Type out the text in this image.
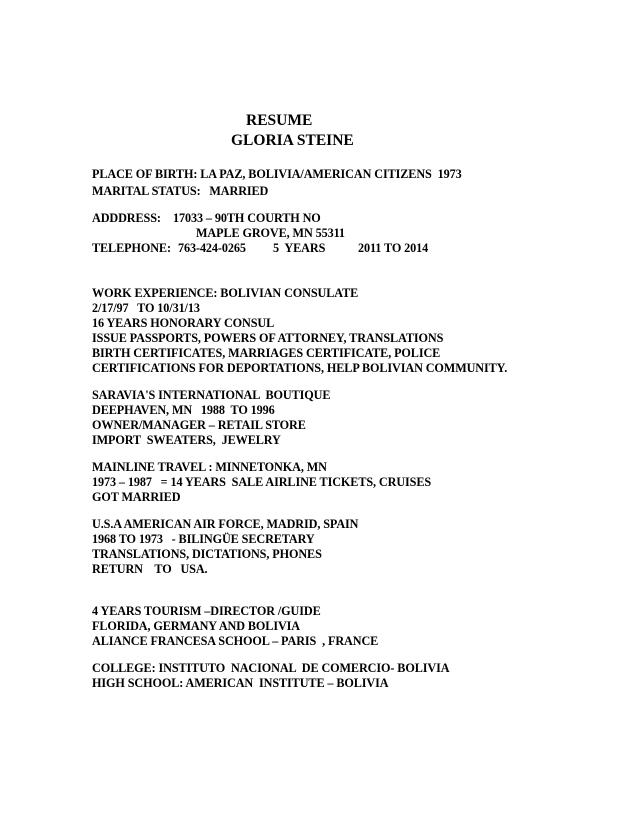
RESUME
GLORIA STEINE
PLACE OF BIRTH: LA PAZ, BOLIVIA/AMERICAN CITIZENS  1973
MARITAL STATUS:   MARRIED
ADDDRESS: 17033 – 90TH COURTH NO
MAPLE GROVE, MN 55311
TELEPHONE: 763-424-0265 5  YEARS	2011 TO 2014
WORK EXPERIENCE: BOLIVIAN CONSULATE
2/17/97   TO 10/31/13
16 YEARS HONORARY CONSUL
ISSUE PASSPORTS, POWERS OF ATTORNEY, TRANSLATIONS
BIRTH CERTIFICATES, MARRIAGES CERTIFICATE, POLICE
CERTIFICATIONS FOR DEPORTATIONS, HELP BOLIVIAN COMMUNITY.
SARAVIA'S INTERNATIONAL  BOUTIQUE
DEEPHAVEN, MN   1988  TO 1996
OWNER/MANAGER – RETAIL STORE
IMPORT  SWEATERS,  JEWELRY
MAINLINE TRAVEL : MINNETONKA, MN
1973 – 1987   = 14 YEARS  SALE AIRLINE TICKETS, CRUISES
GOT MARRIED
U.S.A AMERICAN AIR FORCE, MADRID, SPAIN
1968 TO 1973   - BILINGÜE SECRETARY
TRANSLATIONS, DICTATIONS, PHONES
RETURN    TO   USA.
4 YEARS TOURISM –DIRECTOR /GUIDE
FLORIDA, GERMANY AND BOLIVIA
ALIANCE FRANCESA SCHOOL – PARIS  , FRANCE
COLLEGE: INSTITUTO  NACIONAL  DE COMERCIO- BOLIVIA
HIGH SCHOOL: AMERICAN  INSTITUTE – BOLIVIA
